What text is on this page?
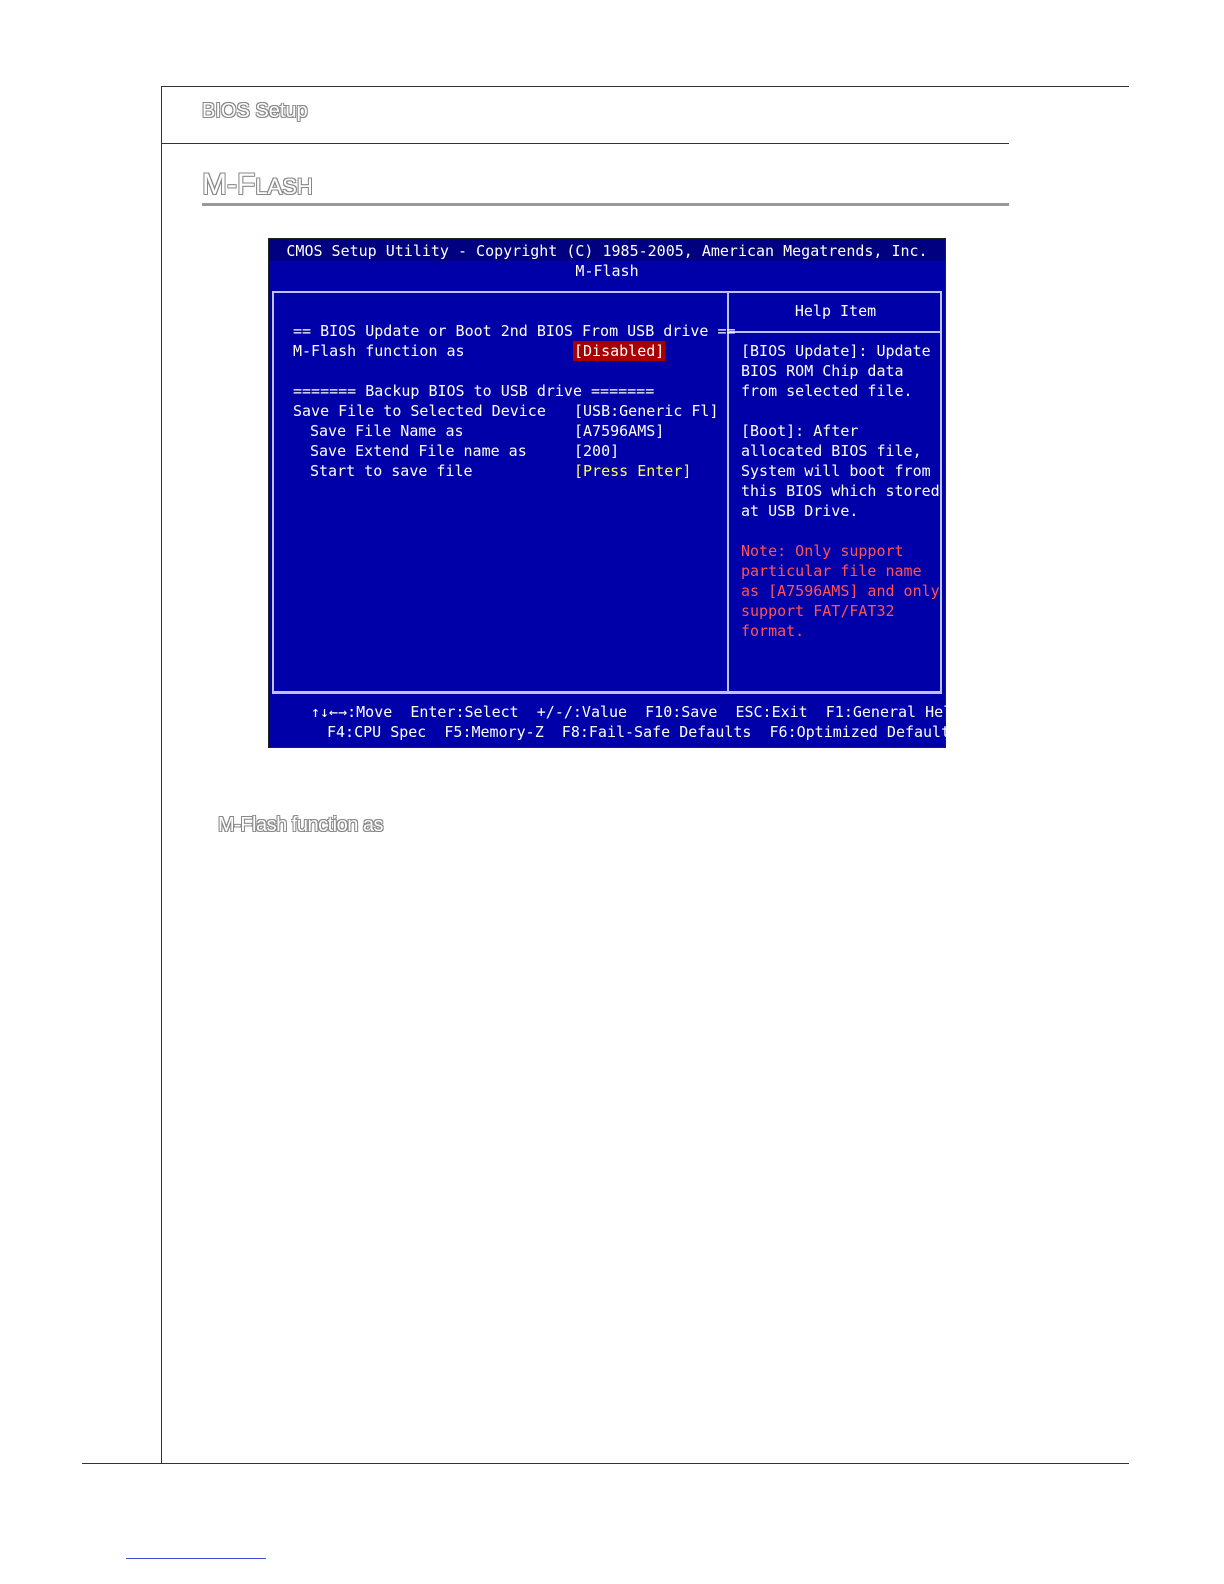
BIOS Setup
M-FLASH
CMOS Setup Utility - Copyright (C) 1985-2005, American Megatrends, Inc.
M-Flash
== BIOS Update or Boot 2nd BIOS From USB drive ==
M-Flash function as	[Disabled]
======= Backup BIOS to USB drive =======
Save File to Selected Device [USB:Generic Fl]
Save File Name as	[A7596AMS]
Save Extend File name as	[200]
Start to save file	[Press Enter]
Help Item
[BIOS Update]: Update
BIOS ROM Chip data
from selected file.
[Boot]: After
allocated BIOS file,
System will boot from
this BIOS which stored
at USB Drive.
Note: Only support
particular file name
as [A7596AMS] and only
support FAT/FAT32
format.
↑↓←→:Move  Enter:Select  +/-/:Value  F10:Save  ESC:Exit  F1:General Help
F4:CPU Spec  F5:Memory-Z  F8:Fail-Safe Defaults  F6:Optimized Defaults
M-Flash function as
